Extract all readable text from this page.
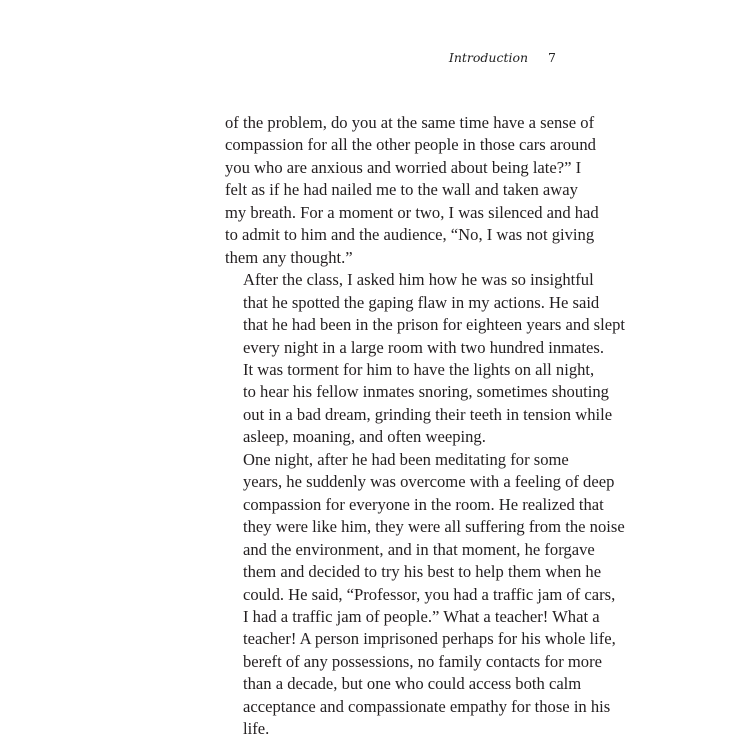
Introduction 7

of the problem, do you at the same time have a sense of
compassion for all the other people in those cars around
you who are anxious and worried about being late?” I
felt as if he had nailed me to the wall and taken away
my breath. For a moment or two, I was silenced and had
to admit to him and the audience, “No, I was not giving
them any thought.”

After the class, I asked him how he was so insightful
that he spotted the gaping flaw in my actions. He said
that he had been in the prison for eighteen years and slept
every night in a large room with two hundred inmates.
It was torment for him to have the lights on all night,
to hear his fellow inmates snoring, sometimes shouting
out in a bad dream, grinding their teeth in tension while
asleep, moaning, and often weeping.

One night, after he had been meditating for some
years, he suddenly was overcome with a feeling of deep
compassion for everyone in the room. He realized that
they were like him, they were all suffering from the noise
and the environment, and in that moment, he forgave
them and decided to try his best to help them when he
could. He said, “Professor, you had a traffic jam of cars,
I had a traffic jam of people.” What a teacher! What a
teacher! A person imprisoned perhaps for his whole life,
bereft of any possessions, no family contacts for more
than a decade, but one who could access both calm
acceptance and compassionate empathy for those in his
life.
